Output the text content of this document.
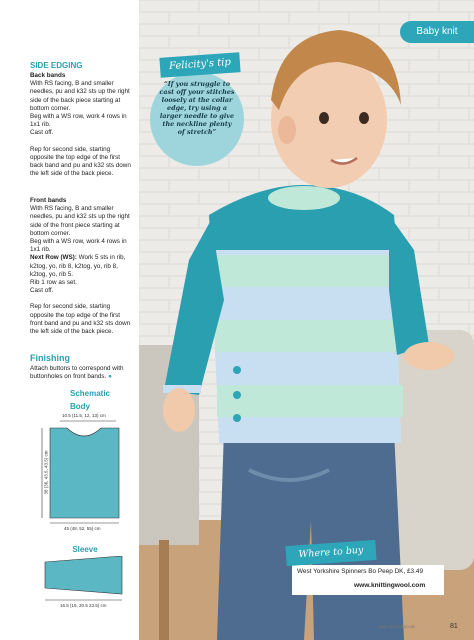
SIDE EDGING

Back bands

With RS facing, B and smaller needles, pu and k32 sts up the right side of the back piece starting at bottom corner.

Beg with a WS row, work 4 rows in 1x1 rib.

Cast off.

Rep for second side, starting opposite the top edge of the first back band and pu and k32 sts down the left side of the back piece.

Front bands

With RS facing, B and smaller needles, pu and k32 sts up the right side of the front piece starting at bottom corner.

Beg with a WS row, work 4 rows in 1x1 rib.

Next Row (WS): Work 5 sts in rib, k2tog, yo, rib 8, k2tog, yo, rib 8, k2tog, yo, rib 5.

Rib 1 row as set.

Cast off.

Rep for second side, starting opposite the top edge of the first front band and pu and k32 sts down the left side of the back piece.

Finishing

Attach buttons to correspond with buttonholes on front bands. ●

Schematic
Body
10.5 (11.5, 12, 13) cm
38 (36, 43.5, 43.5) cm
45 (48, 52, 55) cm
Sleeve
16.5 (19, 20.5 23.5) cm
Baby knit
Felicity's tip
“If you struggle to cast off your stitches loosely at the collar edge, try using a larger needle to give the neckline plenty of stretch”
Where to buy
West Yorkshire Spinners Bo Peep DK, £3.49
www.knittingwool.com
www.letsknit.co.uk	81
